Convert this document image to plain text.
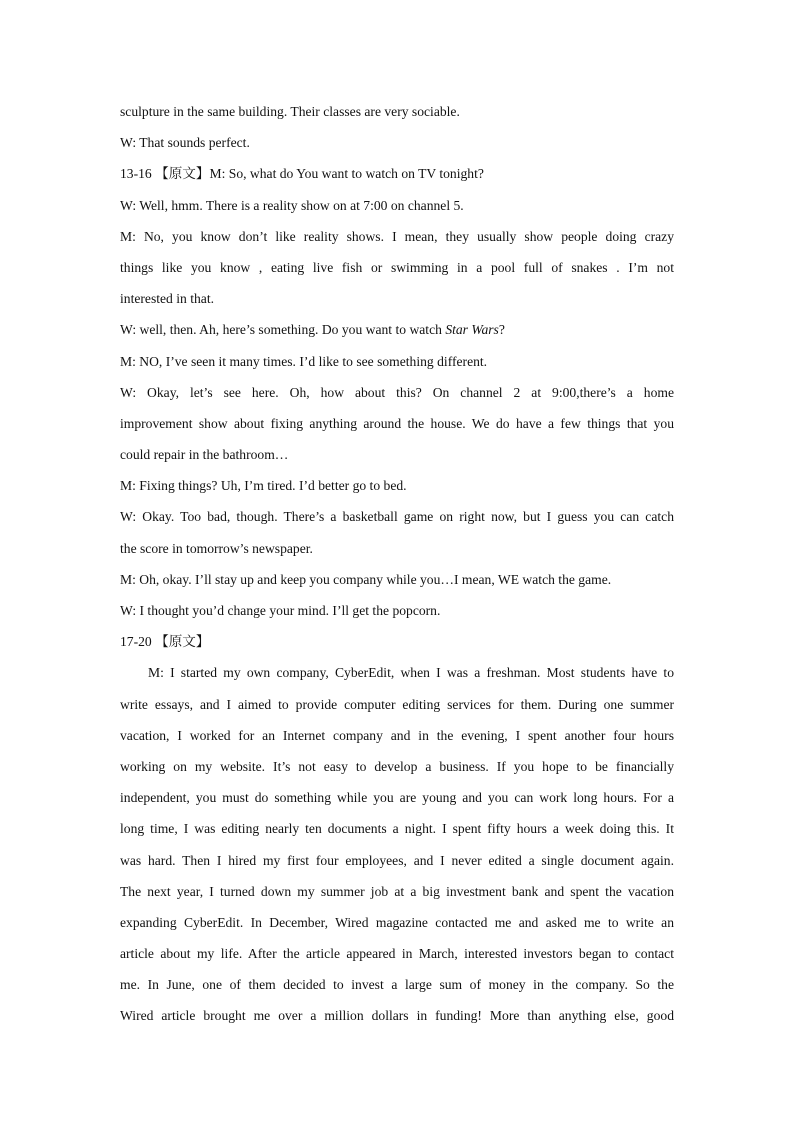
sculpture in the same building. Their classes are very sociable.

W: That sounds perfect.

13-16 【原文】M: So, what do You want to watch on TV tonight?

W: Well, hmm. There is a reality show on at 7:00 on channel 5.

M: No, you know don’t like reality shows. I mean, they usually show people doing crazy

things like you know , eating live fish or swimming in a pool full of snakes . I’m not

interested in that.

W: well, then. Ah, here’s something. Do you want to watch Star Wars?

M: NO, I’ve seen it many times. I’d like to see something different.

W: Okay, let’s see here. Oh, how about this? On channel 2 at 9:00,there’s a home

improvement show about fixing anything around the house. We do have a few things that you

could repair in the bathroom…

M: Fixing things? Uh, I’m tired. I’d better go to bed.

W: Okay. Too bad, though. There’s a basketball game on right now, but I guess you can catch

the score in tomorrow’s newspaper.

M: Oh, okay. I’ll stay up and keep you company while you…I mean, WE watch the game.

W: I thought you’d change your mind. I’ll get the popcorn.

17-20 【原文】

M: I started my own company, CyberEdit, when I was a freshman. Most students have to

write essays, and I aimed to provide computer editing services for them. During one summer

vacation, I worked for an Internet company and in the evening, I spent another four hours

working on my website. It’s not easy to develop a business. If you hope to be financially

independent, you must do something while you are young and you can work long hours. For a

long time, I was editing nearly ten documents a night. I spent fifty hours a week doing this. It

was hard. Then I hired my first four employees, and I never edited a single document again.

The next year, I turned down my summer job at a big investment bank and spent the vacation

expanding CyberEdit. In December, Wired magazine contacted me and asked me to write an

article about my life. After the article appeared in March, interested investors began to contact

me. In June, one of them decided to invest a large sum of money in the company. So the

Wired article brought me over a million dollars in funding! More than anything else, good
